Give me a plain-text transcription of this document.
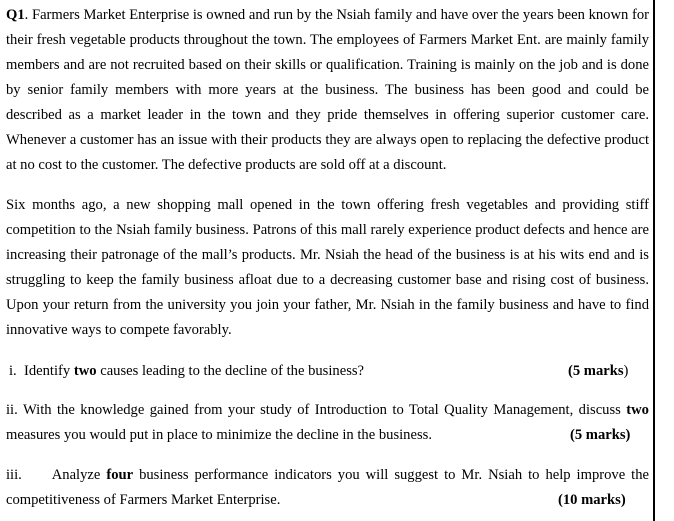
Q1. Farmers Market Enterprise is owned and run by the Nsiah family and have over the years been known for their fresh vegetable products throughout the town. The employees of Farmers Market Ent. are mainly family members and are not recruited based on their skills or qualification. Training is mainly on the job and is done by senior family members with more years at the business. The business has been good and could be described as a market leader in the town and they pride themselves in offering superior customer care. Whenever a customer has an issue with their products they are always open to replacing the defective product at no cost to the customer. The defective products are sold off at a discount.

Six months ago, a new shopping mall opened in the town offering fresh vegetables and providing stiff competition to the Nsiah family business. Patrons of this mall rarely experience product defects and hence are increasing their patronage of the mall’s products. Mr. Nsiah the head of the business is at his wits end and is struggling to keep the family business afloat due to a decreasing customer base and rising cost of business. Upon your return from the university you join your father, Mr. Nsiah in the family business and have to find innovative ways to compete favorably.

i. Identify two causes leading to the decline of the business?	(5 marks)

ii. With the knowledge gained from your study of Introduction to Total Quality Management, discuss two
measures you would put in place to minimize the decline in the business.	(5 marks)

iii. Analyze four business performance indicators you will suggest to Mr. Nsiah to help improve the
competitiveness of Farmers Market Enterprise.	(10 marks)
